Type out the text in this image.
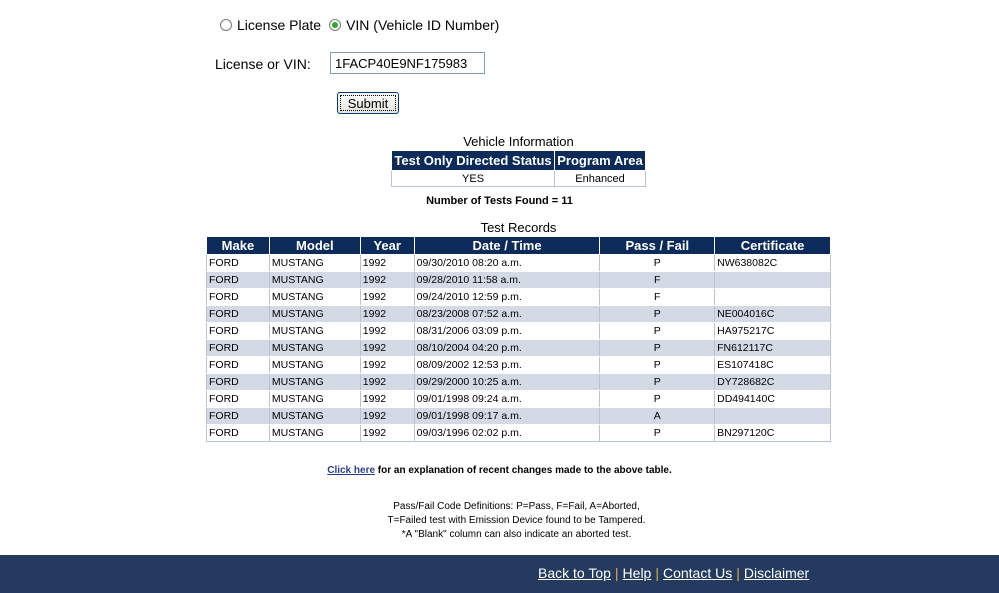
License Plate VIN (Vehicle ID Number)
License or VIN:
1FACP40E9NF175983
Submit
Vehicle Information
Test Only Directed Status	Program Area
YES	Enhanced
Number of Tests Found = 11
Test Records
Make	Model	Year	Date / Time	Pass / Fail	Certificate
FORD	MUSTANG	1992	09/30/2010 08:20 a.m.	P	NW638082C
FORD	MUSTANG	1992	09/28/2010 11:58 a.m.	F	
FORD	MUSTANG	1992	09/24/2010 12:59 p.m.	F	
FORD	MUSTANG	1992	08/23/2008 07:52 a.m.	P	NE004016C
FORD	MUSTANG	1992	08/31/2006 03:09 p.m.	P	HA975217C
FORD	MUSTANG	1992	08/10/2004 04:20 p.m.	P	FN612117C
FORD	MUSTANG	1992	08/09/2002 12:53 p.m.	P	ES107418C
FORD	MUSTANG	1992	09/29/2000 10:25 a.m.	P	DY728682C
FORD	MUSTANG	1992	09/01/1998 09:24 a.m.	P	DD494140C
FORD	MUSTANG	1992	09/01/1998 09:17 a.m.	A	
FORD	MUSTANG	1992	09/03/1996 02:02 p.m.	P	BN297120C
Click here for an explanation of recent changes made to the above table.
Pass/Fail Code Definitions: P=Pass, F=Fail, A=Aborted,
T=Failed test with Emission Device found to be Tampered.
*A "Blank" column can also indicate an aborted test.
Back to Top | Help | Contact Us | Disclaimer
